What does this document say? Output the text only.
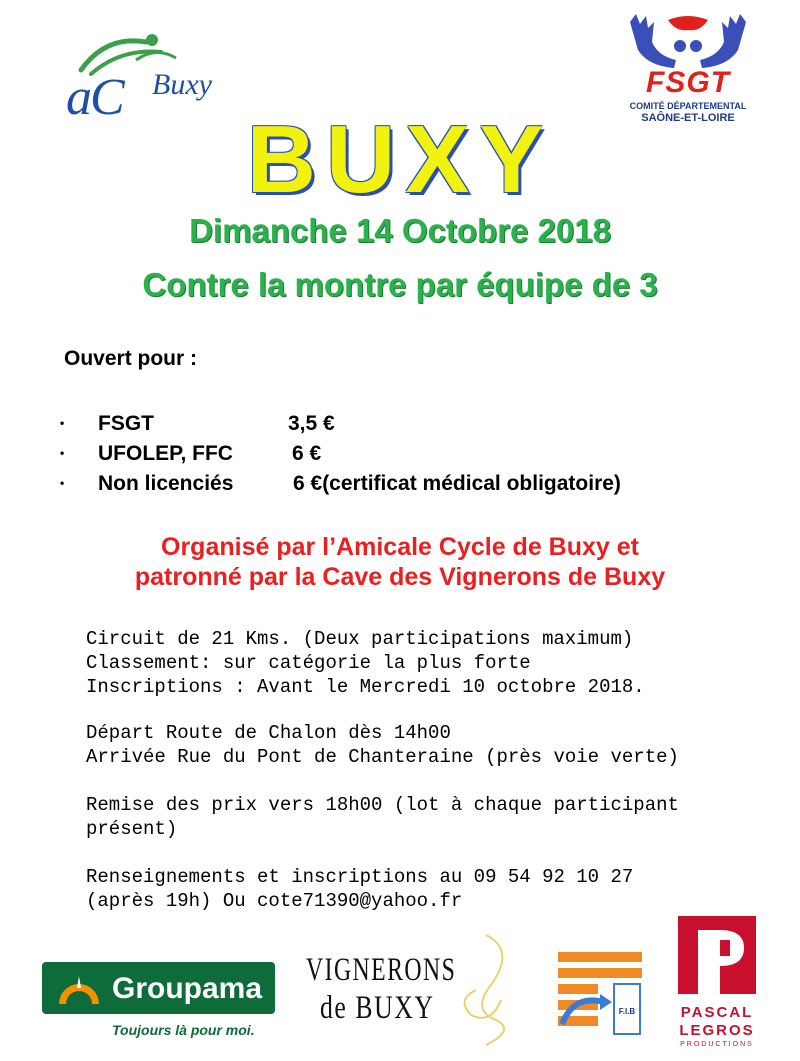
aC Buxy	FSGT
COMITÉ DÉPARTEMENTAL
SAÔNE-ET-LOIRE
BUXY
Dimanche 14 Octobre 2018
Contre la montre par équipe de 3
Ouvert pour :
• FSGT	3,5 €
• UFOLEP, FFC	6 €
• Non licenciés	6 €(certificat médical obligatoire)
Organisé par l’Amicale Cycle de Buxy et
patronné par la Cave des Vignerons de Buxy
Circuit de 21 Kms. (Deux participations maximum)
Classement: sur catégorie la plus forte
Inscriptions : Avant le Mercredi 10 octobre 2018.
Départ Route de Chalon dès 14h00
Arrivée Rue du Pont de Chanteraine (près voie verte)
Remise des prix vers 18h00 (lot à chaque participant
présent)
Renseignements et inscriptions au 09 54 92 10 27
(après 19h) Ou cote71390@yahoo.fr
Groupama
Toujours là pour moi.
VIGNERONS
de BUXY	F.I.B	PASCAL
LEGROS
PRODUCTIONS
